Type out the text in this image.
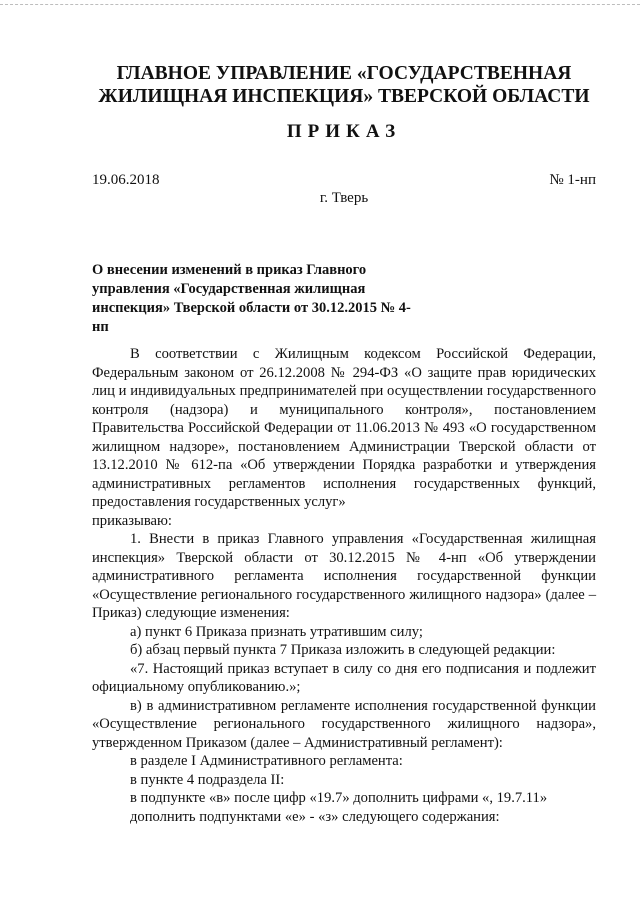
ГЛАВНОЕ УПРАВЛЕНИЕ «ГОСУДАРСТВЕННАЯ
ЖИЛИЩНАЯ ИНСПЕКЦИЯ» ТВЕРСКОЙ ОБЛАСТИ
ПРИКАЗ
19.06.2018	№ 1-нп
г. Тверь
О внесении изменений в приказ Главного
управления «Государственная жилищная
инспекция» Тверской области от 30.12.2015 № 4-нп

В соответствии с Жилищным кодексом Российской Федерации, Федеральным законом от 26.12.2008 № 294-ФЗ «О защите прав юридических лиц и индивидуальных предпринимателей при осуществлении государственного контроля (надзора) и муниципального контроля», постановлением Правительства Российской Федерации от 11.06.2013 № 493 «О государственном жилищном надзоре», постановлением Администрации Тверской области от 13.12.2010 № 612-па «Об утверждении Порядка разработки и утверждения административных регламентов исполнения государственных функций, предоставления государственных услуг»

приказываю:

1. Внести в приказ Главного управления «Государственная жилищная инспекция» Тверской области от 30.12.2015 № 4-нп «Об утверждении административного регламента исполнения государственной функции «Осуществление регионального государственного жилищного надзора» (далее – Приказ) следующие изменения:

а) пункт 6 Приказа признать утратившим силу;

б) абзац первый пункта 7 Приказа изложить в следующей редакции:

«7. Настоящий приказ вступает в силу со дня его подписания и подлежит официальному опубликованию.»;

в) в административном регламенте исполнения государственной функции «Осуществление регионального государственного жилищного надзора», утвержденном Приказом (далее – Административный регламент):

в разделе I Административного регламента:

в пункте 4 подраздела II:

в подпункте «в» после цифр «19.7» дополнить цифрами «, 19.7.11»

дополнить подпунктами «е» - «з» следующего содержания:
